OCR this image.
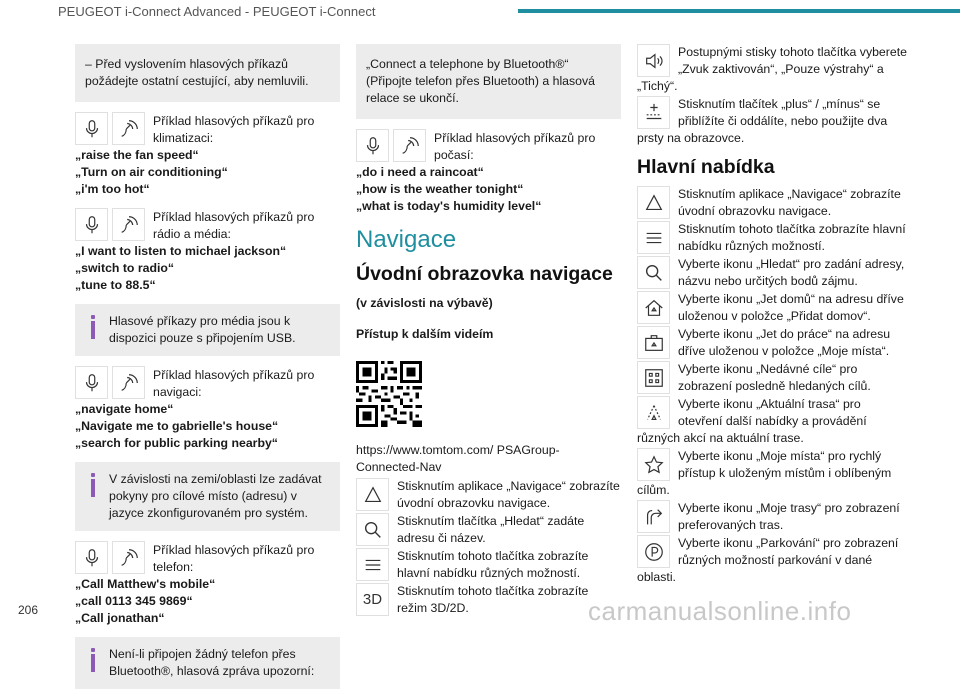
PEUGEOT i-Connect Advanced - PEUGEOT i-Connect
– Před vyslovením hlasových příkazů požádejte ostatní cestující, aby nemluvili.
Příklad hlasových příkazů pro klimatizaci:
„raise the fan speed“
„Turn on air conditioning“
„i'm too hot“
Příklad hlasových příkazů pro rádio a média:
„I want to listen to michael jackson“
„switch to radio“
„tune to 88.5“
Hlasové příkazy pro média jsou k dispozici pouze s připojením USB.
Příklad hlasových příkazů pro navigaci:
„navigate home“
„Navigate me to gabrielle's house“
„search for public parking nearby“
V závislosti na zemi/oblasti lze zadávat pokyny pro cílové místo (adresu) v jazyce zkonfigurovaném pro systém.
Příklad hlasových příkazů pro telefon:
„Call Matthew's mobile“
„call 0113 345 9869“
„Call jonathan“
Není-li připojen žádný telefon přes Bluetooth®, hlasová zpráva upozorní:
„Connect a telephone by Bluetooth®“ (Připojte telefon přes Bluetooth) a hlasová relace se ukončí.
Příklad hlasových příkazů pro počasí:
„do i need a raincoat“
„how is the weather tonight“
„what is today's humidity level“
Navigace
Úvodní obrazovka navigace
(v závislosti na výbavě)
Přístup k dalším videím
https://www.tomtom.com/ PSAGroup-Connected-Nav
Stisknutím aplikace „Navigace“ zobrazíte úvodní obrazovku navigace.
Stisknutím tlačítka „Hledat“ zadáte adresu či název.
Stisknutím tohoto tlačítka zobrazíte hlavní nabídku různých možností.
3D Stisknutím tohoto tlačítka zobrazíte režim 3D/2D.
Postupnými stisky tohoto tlačítka vyberete „Zvuk zaktivován“, „Pouze výstrahy“ a „Tichý“.
Stisknutím tlačítek „plus“ / „mínus“ se přiblížíte či oddálíte, nebo použijte dva prsty na obrazovce.
Hlavní nabídka
Stisknutím aplikace „Navigace“ zobrazíte úvodní obrazovku navigace.
Stisknutím tohoto tlačítka zobrazíte hlavní nabídku různých možností.
Vyberte ikonu „Hledat“ pro zadání adresy, názvu nebo určitých bodů zájmu.
Vyberte ikonu „Jet domů“ na adresu dříve uloženou v položce „Přidat domov“.
Vyberte ikonu „Jet do práce“ na adresu dříve uloženou v položce „Moje místa“.
Vyberte ikonu „Nedávné cíle“ pro zobrazení posledně hledaných cílů.
Vyberte ikonu „Aktuální trasa“ pro otevření další nabídky a provádění různých akcí na aktuální trase.
Vyberte ikonu „Moje místa“ pro rychlý přístup k uloženým místům i oblíbeným cílům.
Vyberte ikonu „Moje trasy“ pro zobrazení preferovaných tras.
Vyberte ikonu „Parkování“ pro zobrazení různých možností parkování v dané oblasti.
206	carmanualsonline.info
